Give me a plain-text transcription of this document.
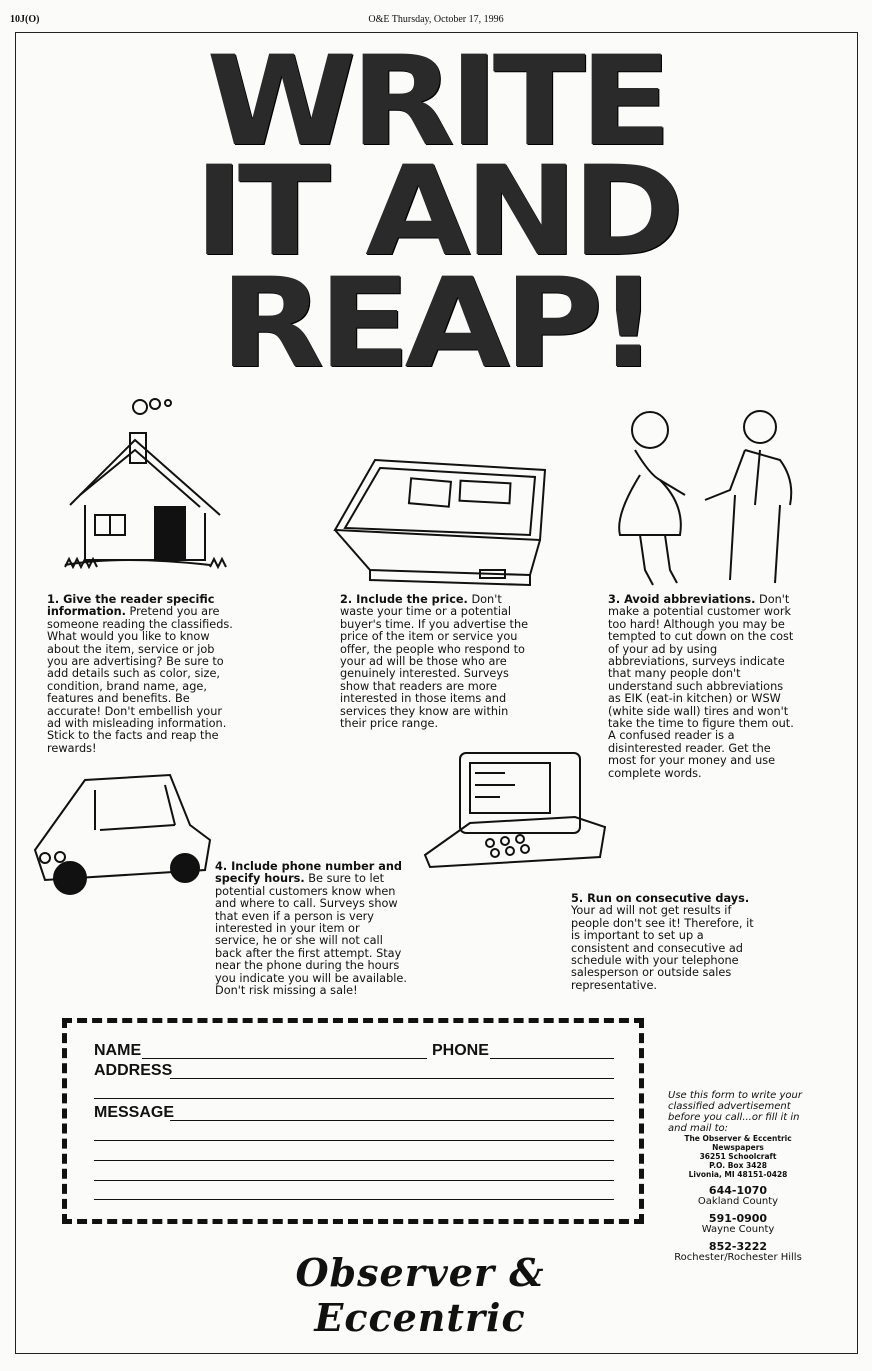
10J(O)	O&E Thursday, October 17, 1996
WRITE
IT AND
REAP!
1. Give the reader specific information. Pretend you are someone reading the classifieds. What would you like to know about the item, service or job you are advertising? Be sure to add details such as color, size, condition, brand name, age, features and benefits. Be accurate! Don't embellish your ad with misleading information. Stick to the facts and reap the rewards!
2. Include the price. Don't waste your time or a potential buyer's time. If you advertise the price of the item or service you offer, the people who respond to your ad will be those who are genuinely interested. Surveys show that readers are more interested in those items and services they know are within their price range.
3. Avoid abbreviations. Don't make a potential customer work too hard! Although you may be tempted to cut down on the cost of your ad by using abbreviations, surveys indicate that many people don't understand such abbreviations as EIK (eat-in kitchen) or WSW (white side wall) tires and won't take the time to figure them out. A confused reader is a disinterested reader. Get the most for your money and use complete words.
4. Include phone number and specify hours. Be sure to let potential customers know when and where to call. Surveys show that even if a person is very interested in your item or service, he or she will not call back after the first attempt. Stay near the phone during the hours you indicate you will be available. Don't risk missing a sale!
5. Run on consecutive days. Your ad will not get results if people don't see it! Therefore, it is important to set up a consistent and consecutive ad schedule with your telephone salesperson or outside sales representative.
NAME	PHONE
ADDRESS
MESSAGE
Use this form to write your classified advertisement before you call...or fill it in and mail to:
The Observer & Eccentric
Newspapers
36251 Schoolcraft
P.O. Box 3428
Livonia, MI 48151-0428
644-1070
Oakland County
591-0900
Wayne County
852-3222
Rochester/Rochester Hills
Observer & Eccentric
